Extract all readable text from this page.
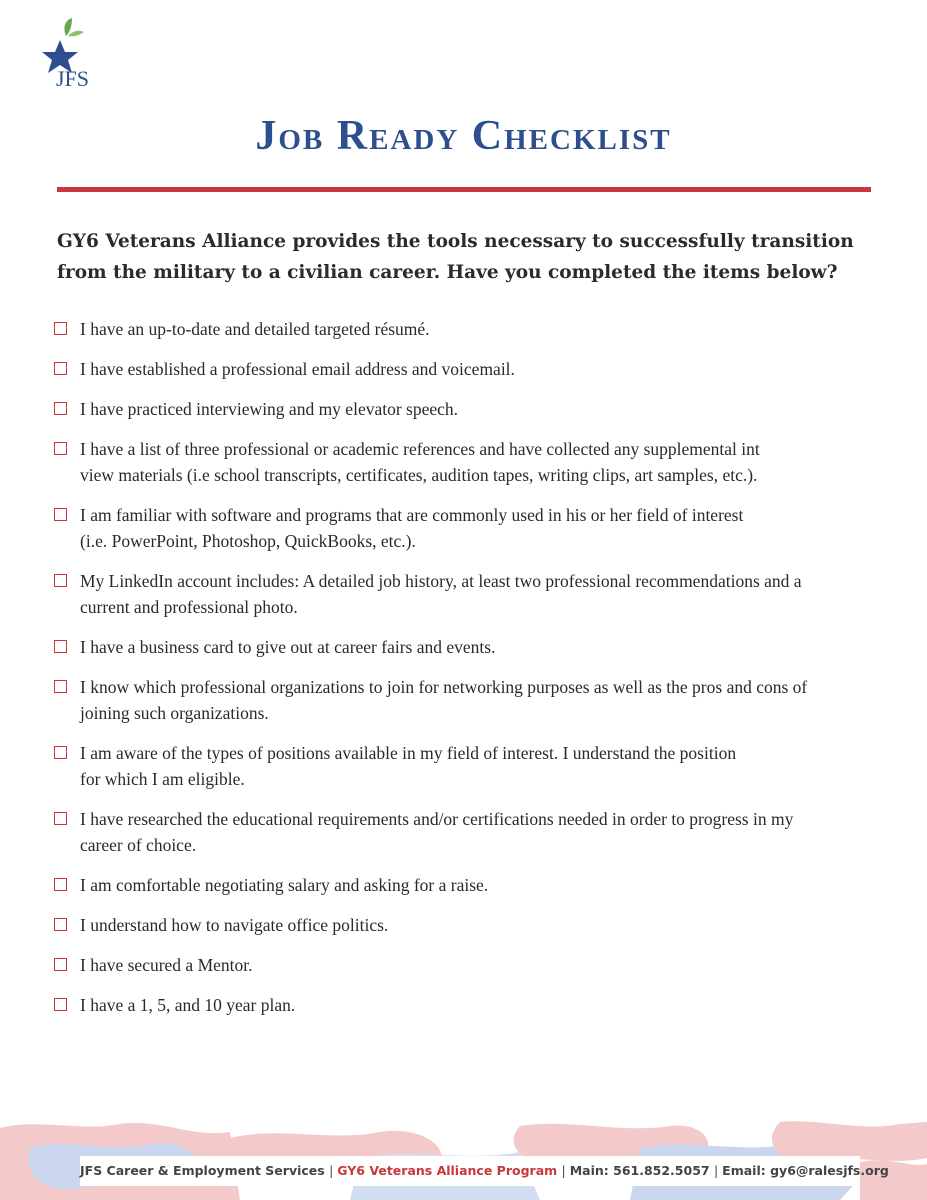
JFS
Job Ready Checklist

GY6 Veterans Alliance provides the tools necessary to successfully transition
from the military to a civilian career. Have you completed the items below?

I have an up-to-date and detailed targeted résumé.
I have established a professional email address and voicemail.
I have practiced interviewing and my elevator speech.
I have a list of three professional or academic references and have collected any supplemental int
view materials (i.e school transcripts, certificates, audition tapes, writing clips, art samples, etc.).
I am familiar with software and programs that are commonly used in his or her field of interest
(i.e. PowerPoint, Photoshop, QuickBooks, etc.).
My LinkedIn account includes: A detailed job history, at least two professional recommendations and a
current and professional photo.
I have a business card to give out at career fairs and events.
I know which professional organizations to join for networking purposes as well as the pros and cons of
joining such organizations.
I am aware of the types of positions available in my field of interest. I understand the position
for which I am eligible.
I have researched the educational requirements and/or certifications needed in order to progress in my
career of choice.
I am comfortable negotiating salary and asking for a raise.
I understand how to navigate office politics.
I have secured a Mentor.
I have a 1, 5, and 10 year plan.
JFS Career & Employment Services | GY6 Veterans Alliance Program | Main: 561.852.5057 | Email: gy6@ralesjfs.org
